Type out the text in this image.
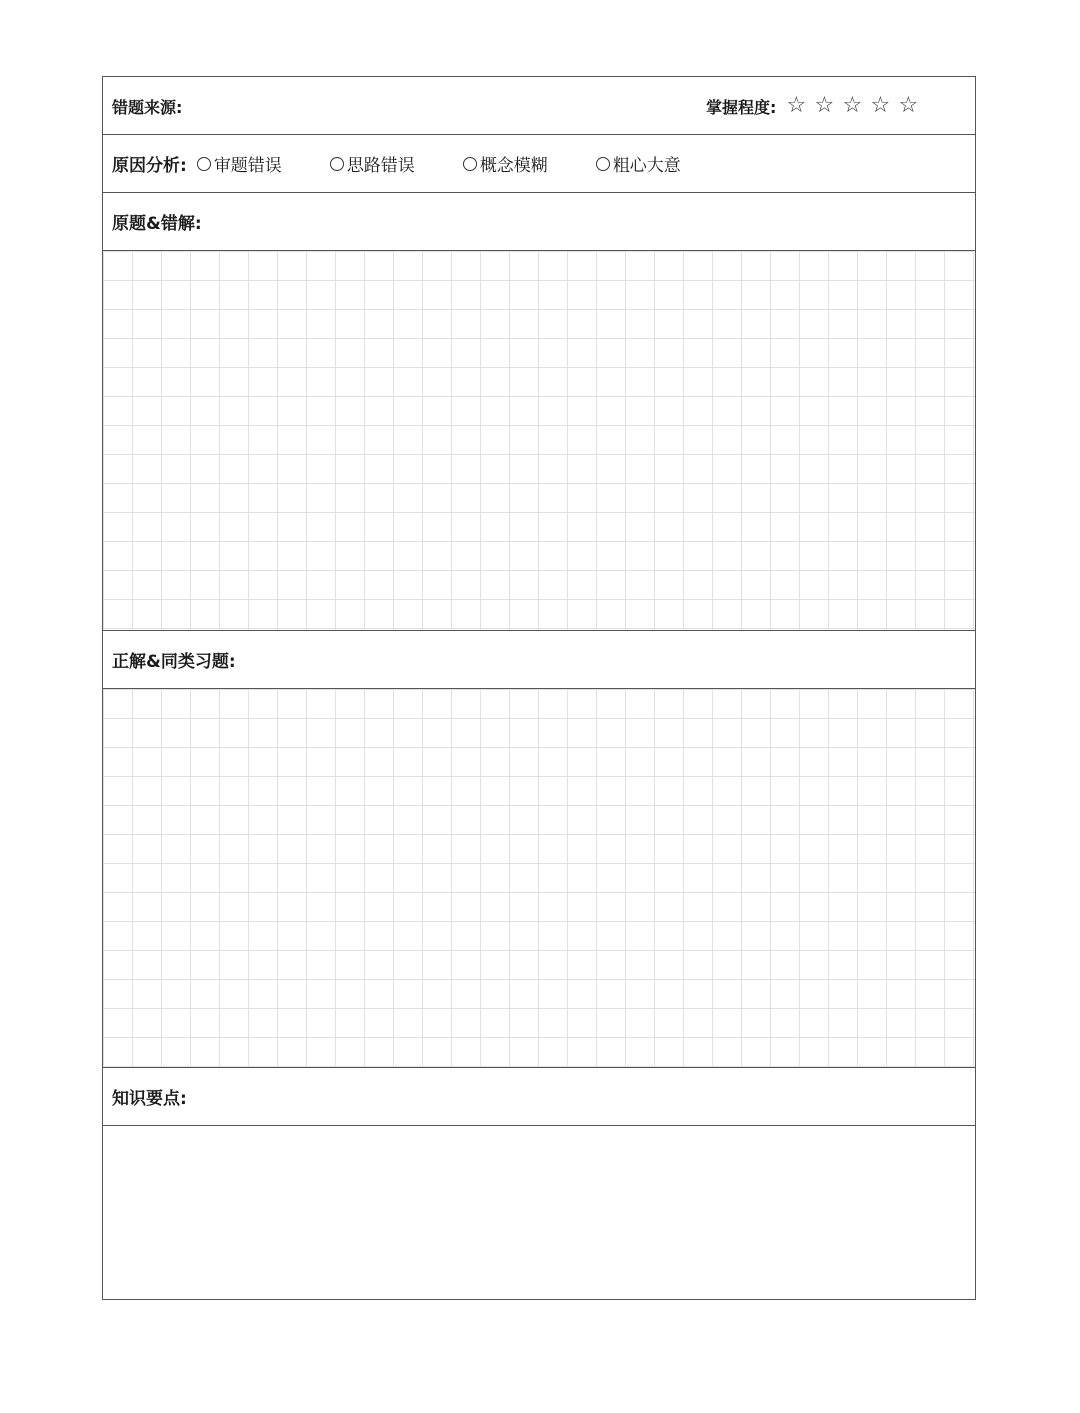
错题来源:	掌握程度: ☆ ☆ ☆ ☆ ☆
原因分析: 审题错误	思路错误	概念模糊	粗心大意
原题&错解:
正解&同类习题:
知识要点:
